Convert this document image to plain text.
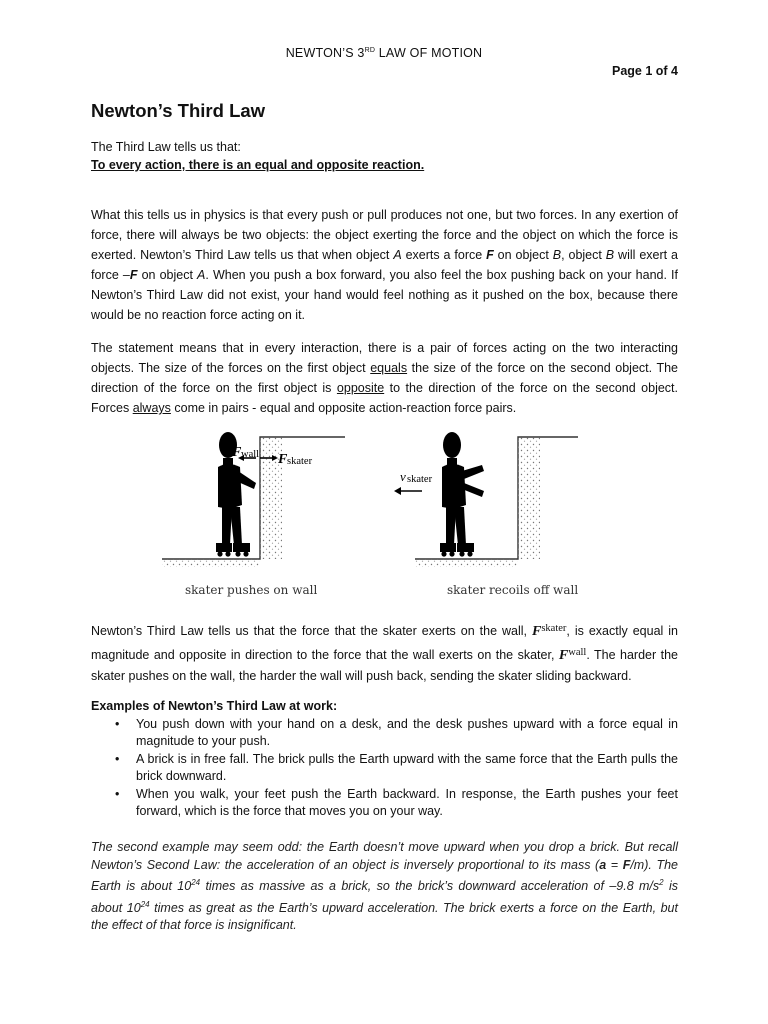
NEWTON’S 3RD LAW OF MOTION
Page 1 of 4
Newton’s Third Law

The Third Law tells us that:
To every action, there is an equal and opposite reaction.

What this tells us in physics is that every push or pull produces not one, but two forces. In any exertion of force, there will always be two objects: the object exerting the force and the object on which the force is exerted. Newton’s Third Law tells us that when object A exerts a force F on object B, object B will exert a force –F on object A. When you push a box forward, you also feel the box pushing back on your hand. If Newton’s Third Law did not exist, your hand would feel nothing as it pushed on the box, because there would be no reaction force acting on it.

The statement means that in every interaction, there is a pair of forces acting on the two interacting objects. The size of the forces on the first object equals the size of the force on the second object. The direction of the force on the first object is opposite to the direction of the force on the second object. Forces always come in pairs - equal and opposite action-reaction force pairs.

F wall F skater
v skater
skater pushes on wall	skater recoils off wall

Newton’s Third Law tells us that the force that the skater exerts on the wall, $F^{skater}$, is exactly equal in magnitude and opposite in direction to the force that the wall exerts on the skater, $F^{wall}$. The harder the skater pushes on the wall, the harder the wall will push back, sending the skater sliding backward.

Examples of Newton’s Third Law at work:
• You push down with your hand on a desk, and the desk pushes upward with a force equal in magnitude to your push.
• A brick is in free fall. The brick pulls the Earth upward with the same force that the Earth pulls the brick downward.
• When you walk, your feet push the Earth backward. In response, the Earth pushes your feet forward, which is the force that moves you on your way.

The second example may seem odd: the Earth doesn’t move upward when you drop a brick. But recall Newton’s Second Law: the acceleration of an object is inversely proportional to its mass (a = F/m). The Earth is about $10^{24}$ times as massive as a brick, so the brick’s downward acceleration of –9.8 $m/s^2$ is about $10^{24}$ times as great as the Earth’s upward acceleration. The brick exerts a force on the Earth, but the effect of that force is insignificant.
